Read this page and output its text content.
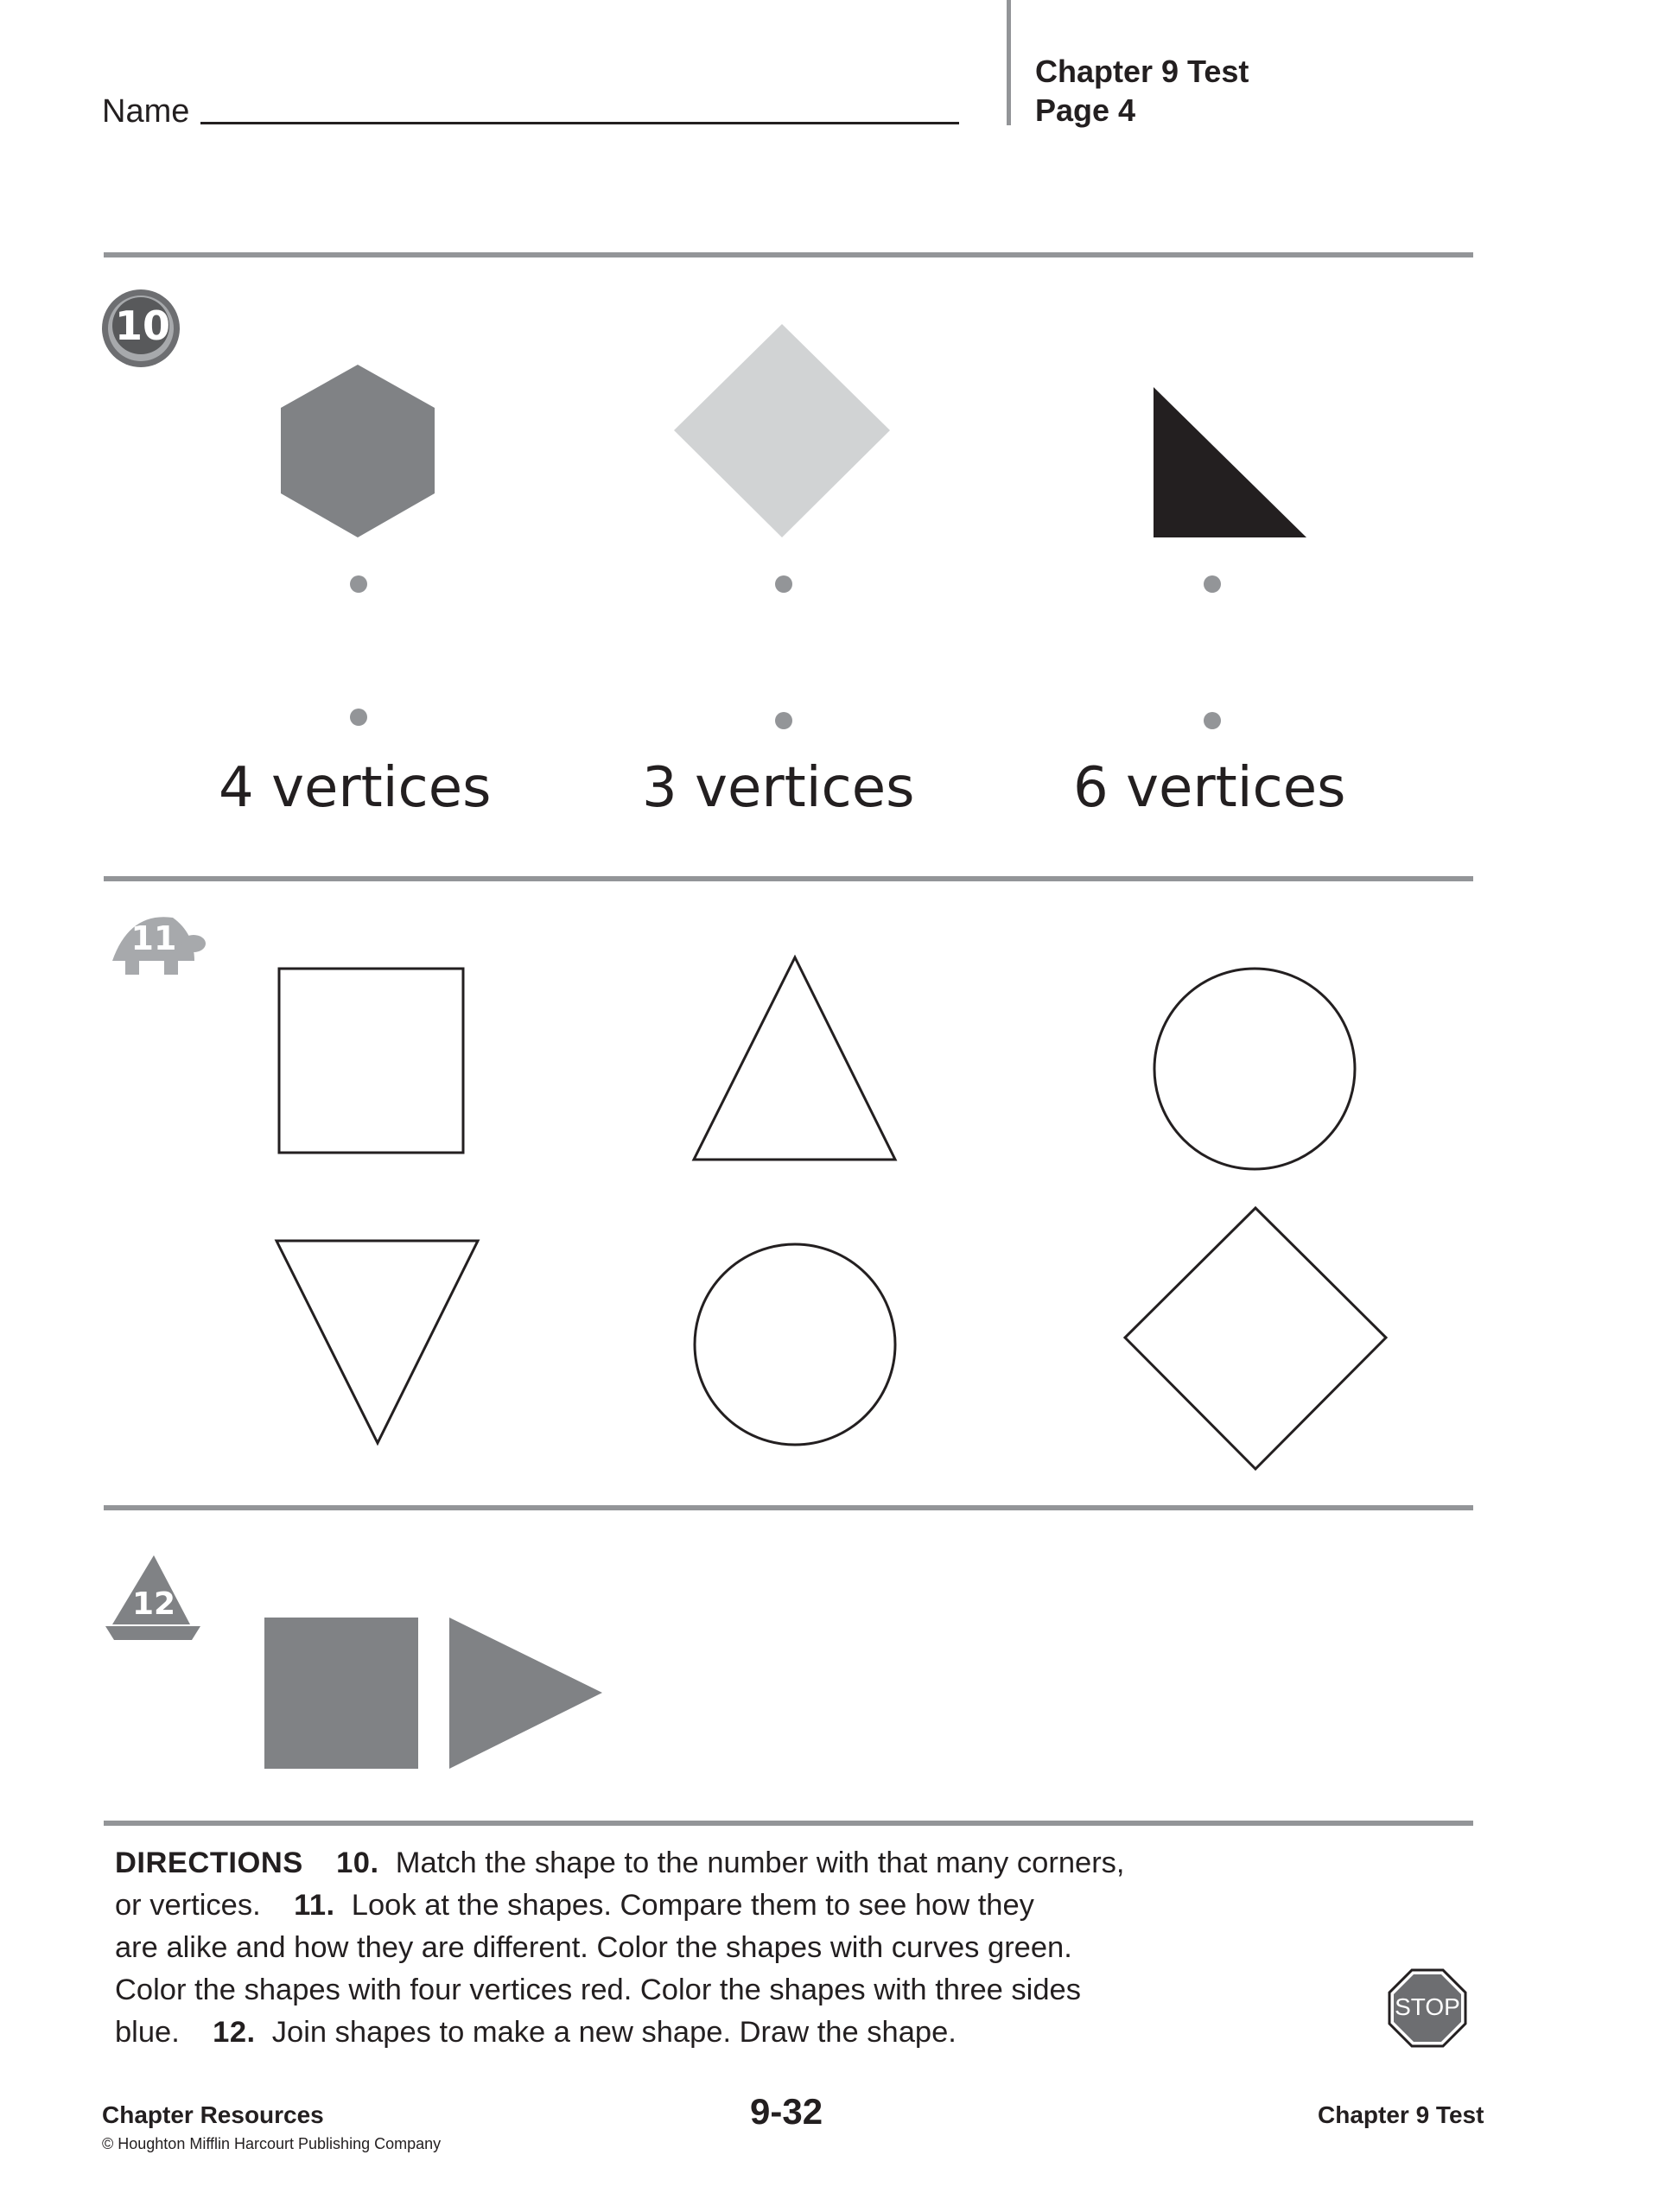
Name
Chapter 9 Test
Page 4
10
11
12
4 vertices	3 vertices	6 vertices
STOP
DIRECTIONS 10. Match the shape to the number with that many corners,
or vertices. 11. Look at the shapes. Compare them to see how they
are alike and how they are different. Color the shapes with curves green.
Color the shapes with four vertices red. Color the shapes with three sides
blue. 12. Join shapes to make a new shape. Draw the shape.
Chapter Resources
© Houghton Mifflin Harcourt Publishing Company
9-32	Chapter 9 Test
